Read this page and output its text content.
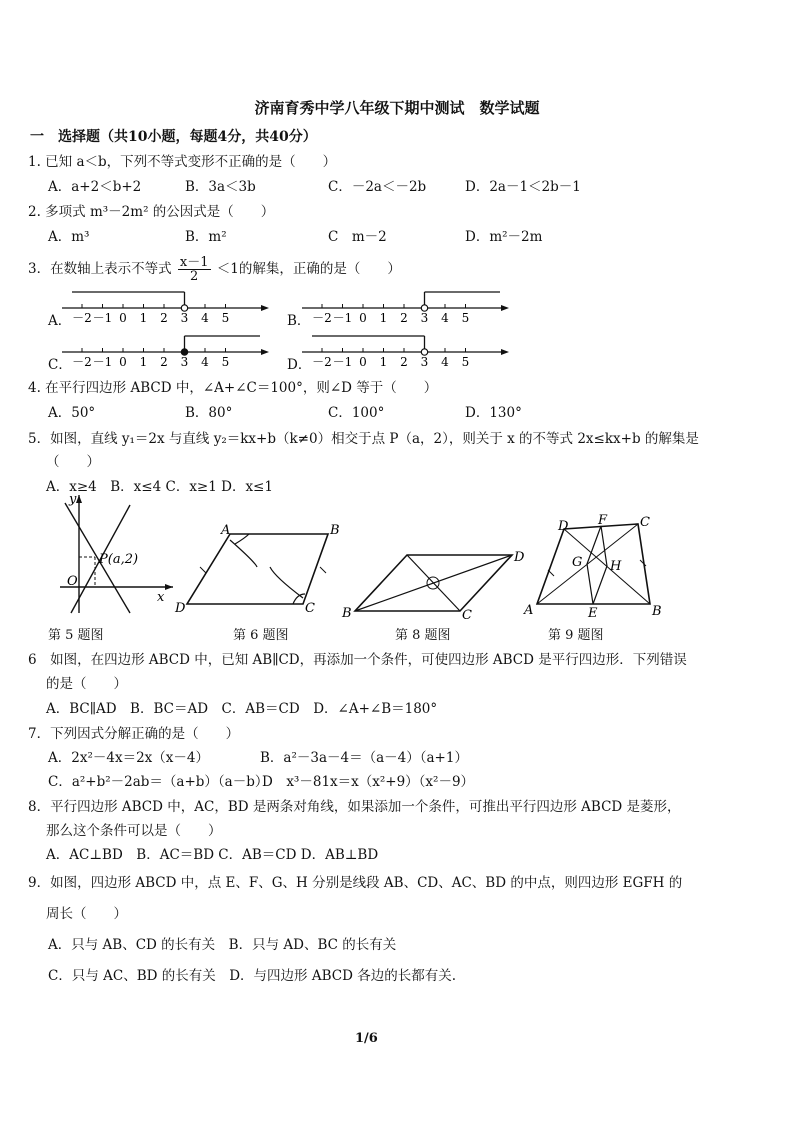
济南育秀中学八年级下期中测试　数学试题
一　选择题（共10小题，每题4分，共40分）
1. 已知 a＜b，下列不等式变形不正确的是（　　）
A．a+2＜b+2	B．3a＜3b	C．－2a＜－2b	D．2a－1＜2b－1
2. 多项式 m³－2m² 的公因式是（　　）
A．m³	B．m²	C　m－2	D．m²－2m
3．在数轴上表示不等式 $\frac{x-1}{2} <1$的解集，正确的是（　　）
A．	B．
C．	D．
－2 －1 0 1 2 3 4 5	－2 －1 0 1 2 3 4 5
－2 －1 0 1 2 3 4 5	－2 －1 0 1 2 3 4 5
4. 在平行四边形 ABCD 中，∠A+∠C＝100°，则∠D 等于（　　）
A．50°	B．80°	C．100°	D．130°
5．如图，直线 y₁＝2x 与直线 y₂＝kx+b（k≠0）相交于点 P（a，2），则关于 x 的不等式 2x≤kx+b 的解集是
（　　）
A．x≥4　B．x≤4 C．x≥1 D．x≤1
y
x
O
P(a,2)
A	B
C
D	B	C
D
A	B
C
D
E
F
G H
第 5 题图	第 6 题图	第 8 题图	第 9 题图
6　如图，在四边形 ABCD 中，已知 AB∥CD，再添加一个条件，可使四边形 ABCD 是平行四边形．下列错误
的是（　　）
A．BC∥AD　B．BC＝AD　C．AB＝CD　D．∠A+∠B＝180°
7．下列因式分解正确的是（　　）
A．2x²－4x＝2x（x－4）	B．a²－3a－4＝（a－4）（a+1）
C．a²+b²－2ab＝（a+b）（a－b）
D　x³－81x＝x（x²+9）（x²－9）
8．平行四边形 ABCD 中，AC，BD 是两条对角线，如果添加一个条件，可推出平行四边形 ABCD 是菱形，
那么这个条件可以是（　　）
A．AC⊥BD　B．AC＝BD C．AB＝CD D．AB⊥BD
9．如图，四边形 ABCD 中，点 E、F、G、H 分别是线段 AB、CD、AC、BD 的中点，则四边形 EGFH 的
周长（　　）
A．只与 AB、CD 的长有关　B．只与 AD、BC 的长有关
C．只与 AC、BD 的长有关　D．与四边形 ABCD 各边的长都有关.
1/6
